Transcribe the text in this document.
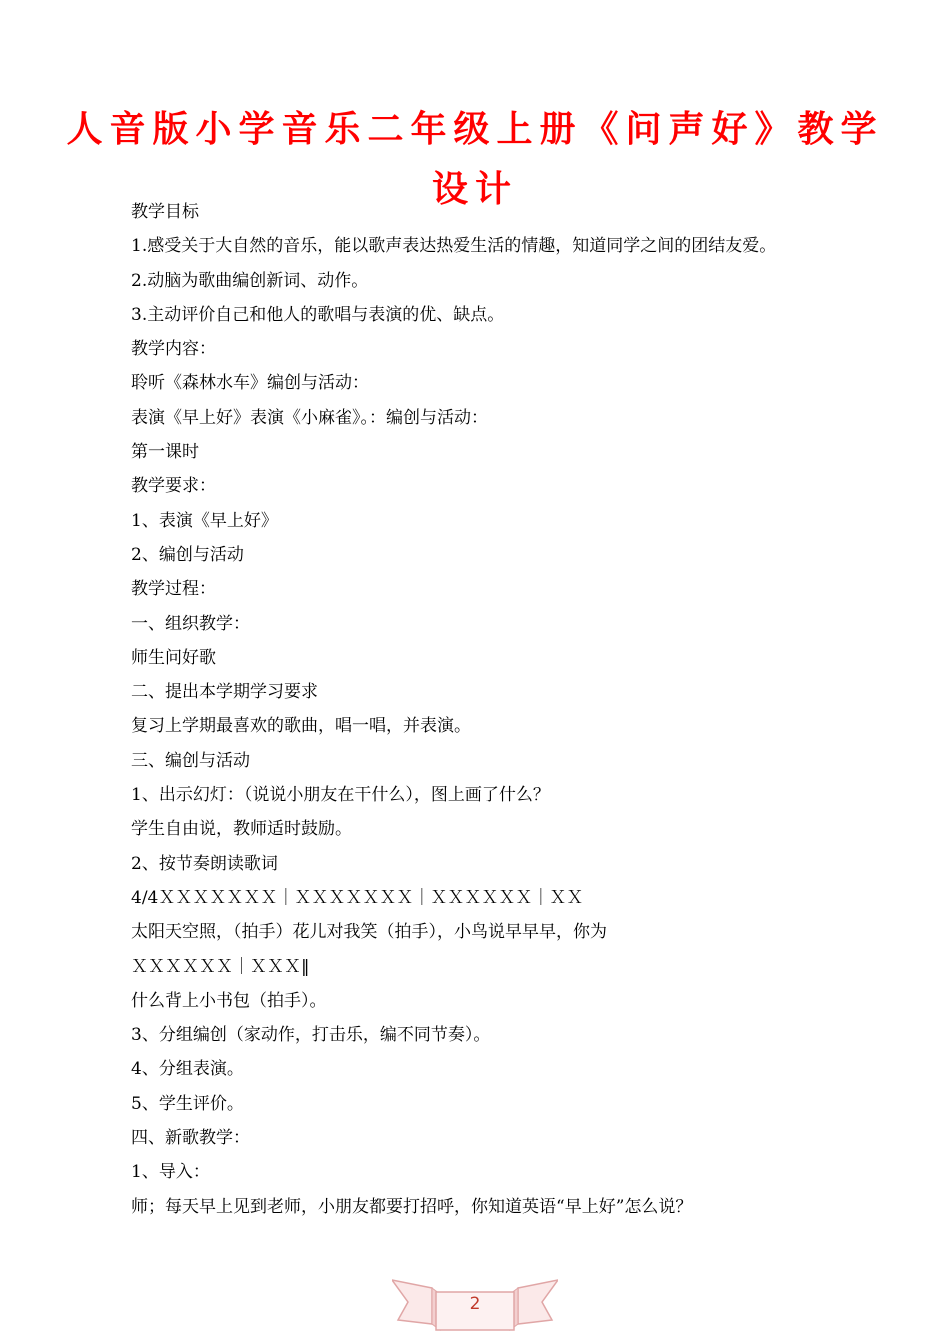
人音版小学音乐二年级上册《问声好》教学设计
教学目标
1.感受关于大自然的音乐，能以歌声表达热爱生活的情趣，知道同学之间的团结友爱。
2.动脑为歌曲编创新词、动作。
3.主动评价自己和他人的歌唱与表演的优、缺点。
教学内容：
聆听《森林水车》编创与活动：
表演《早上好》表演《小麻雀》。：编创与活动：
第一课时
教学要求：
1、表演《早上好》
2、编创与活动
教学过程：
一、组织教学：
师生问好歌
二、提出本学期学习要求
复习上学期最喜欢的歌曲，唱一唱，并表演。
三、编创与活动
1、出示幻灯：（说说小朋友在干什么），图上画了什么？
学生自由说，教师适时鼓励。
2、按节奏朗读歌词
4/4ＸＸＸＸＸＸＸ｜ＸＸＸＸＸＸＸ｜ＸＸＸＸＸＸ｜ＸＸ
太阳天空照，（拍手）花儿对我笑（拍手），小鸟说早早早，你为
ＸＸＸＸＸＸ｜ＸＸＸ‖
什么背上小书包（拍手）。
3、分组编创（家动作，打击乐，编不同节奏）。
4、分组表演。
5、学生评价。
四、新歌教学：
1、导入：
师；每天早上见到老师，小朋友都要打招呼，你知道英语“早上好”怎么说？
2
